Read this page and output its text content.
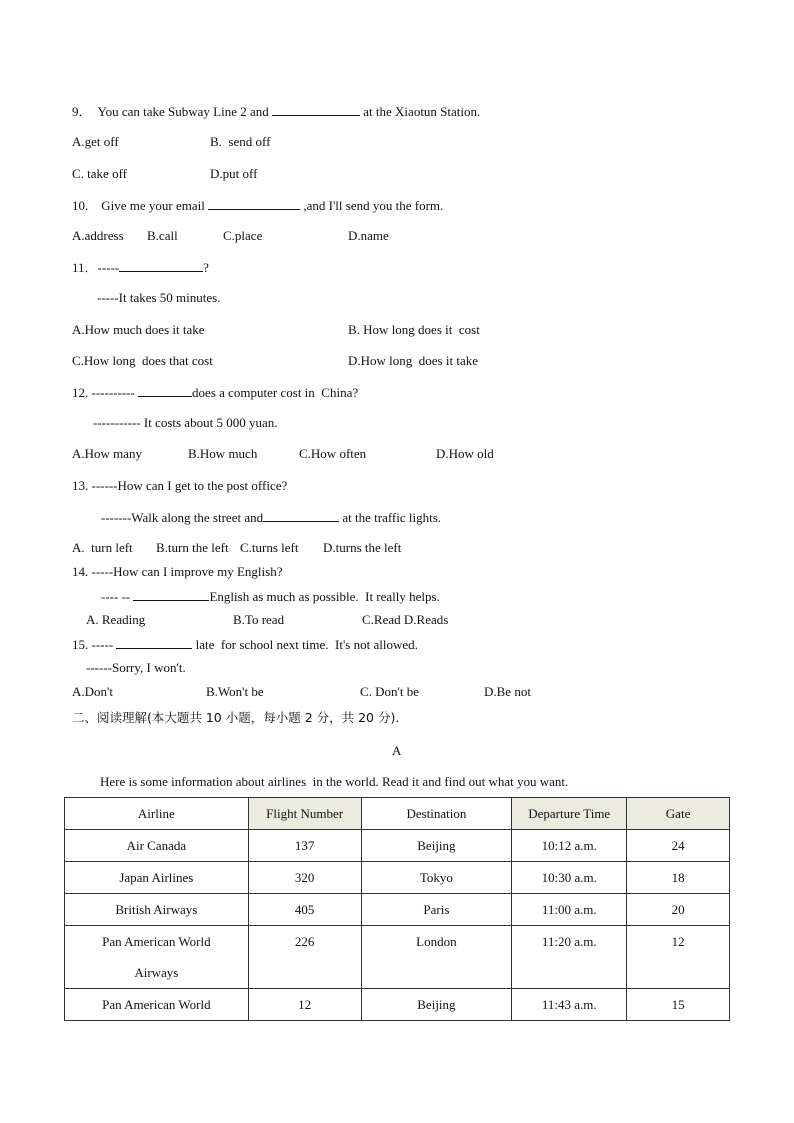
9．  You can take Subway Line 2 and	at the Xiaotun Station.
A.get off	B.  send off
C. take off	D.put off
10.    Give me your email	,and I'll send you the form.
A.address B.call	C.place	D.name
11．-----	?
-----It takes 50 minutes.
A.How much does it take	B. How long does it  cost
C.How long  does that cost	D.How long  does it take
12. ----------	does a computer cost in  China?
----------- It costs about 5 000 yuan.
A.How many	B.How much	C.How often	D.How old
13. ------How can I get to the post office?
-------Walk along the street and	at the traffic lights.
A.  turn left B.turn the left C.turns left D.turns the left
14. -----How can I improve my English?
---- --	English as much as possible.  It really helps.
A. Reading	B.To read	C.Read D.Reads
15. -----	late  for school next time.  It's not allowed.
------Sorry, I won't.
A.Don't	B.Won't be	C. Don't be	D.Be not
二、阅读理解(本大题共 10 小题，每小题 2 分，共 20 分).
A
Here is some information about airlines  in the world. Read it and find out what you want.
Airline	Flight Number	Destination	Departure Time	Gate
Air Canada	137	Beijing	10:12 a.m.	24
Japan Airlines	320	Tokyo	10:30 a.m.	18
British Airways	405	Paris	11:00 a.m.	20

Pan American World
Airways	226	London	11:20 a.m.	12

Pan American World	12	Beijing	11:43 a.m.	15
